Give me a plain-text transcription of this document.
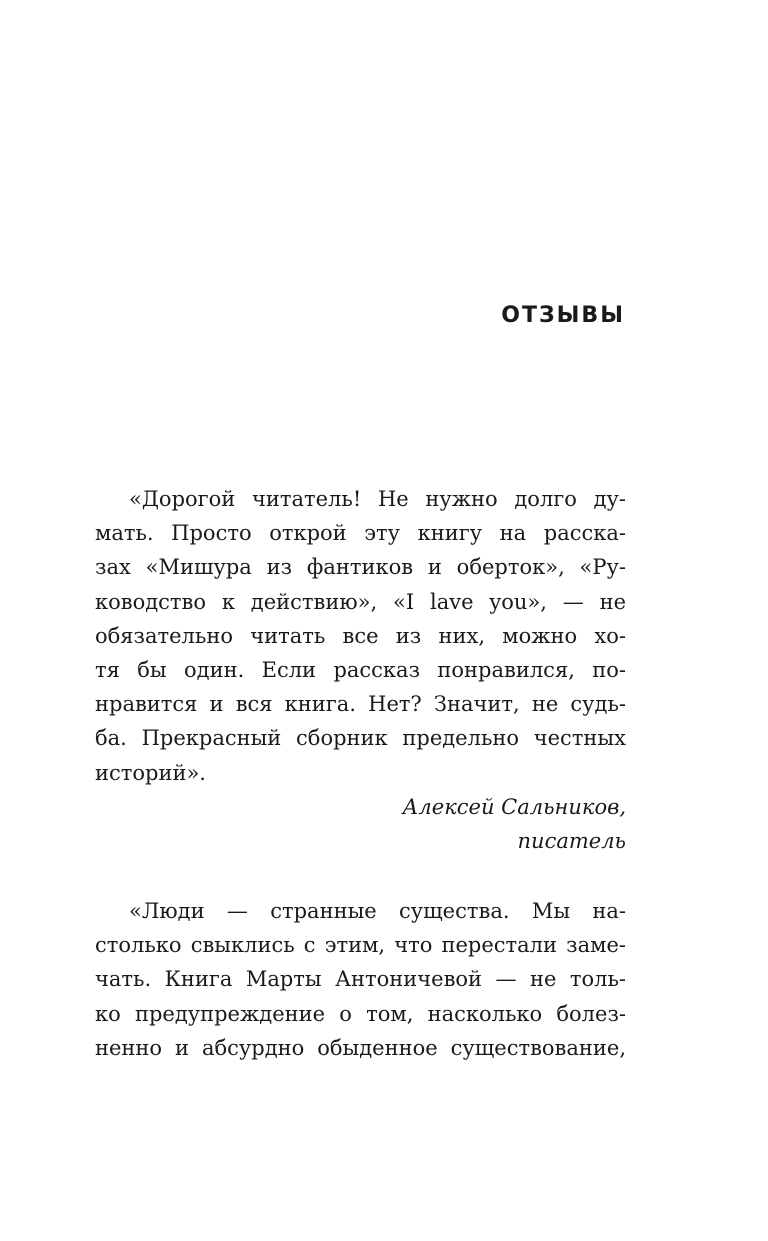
ОТЗЫВЫ
«Дорогой читатель! Не нужно долго ду-
мать. Просто открой эту книгу на расска-
зах «Мишура из фантиков и оберток», «Ру-
ководство к действию», «I lave you», — не
обязательно читать все из них, можно хо-
тя бы один. Если рассказ понравился, по-
нравится и вся книга. Нет? Значит, не судь-
ба. Прекрасный сборник предельно честных
историй».
Алексей Сальников,
писатель
«Люди — странные существа. Мы на-
столько свыклись с этим, что перестали заме-
чать. Книга Марты Антоничевой — не толь-
ко предупреждение о том, насколько болез-
ненно и абсурдно обыденное существование,
